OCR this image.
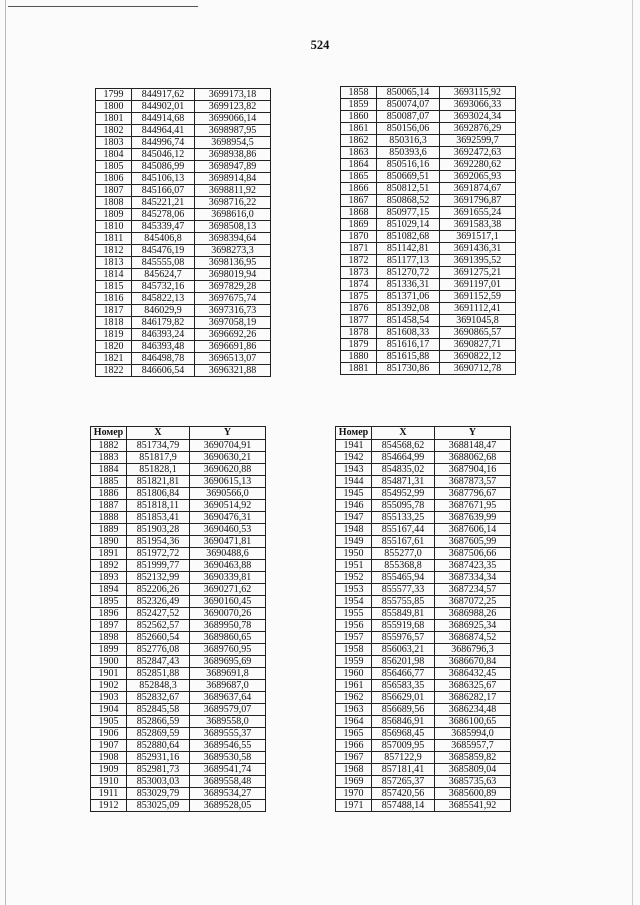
524
1799	844917,62	3699173,18
1800	844902,01	3699123,82
1801	844914,68	3699066,14
1802	844964,41	3698987,95
1803	844996,74	3698954,5
1804	845046,12	3698938,86
1805	845086,99	3698947,89
1806	845106,13	3698914,84
1807	845166,07	3698811,92
1808	845221,21	3698716,22
1809	845278,06	3698616,0
1810	845339,47	3698508,13
1811	845406,8	3698394,64
1812	845476,19	3698273,3
1813	845555,08	3698136,95
1814	845624,7	3698019,94
1815	845732,16	3697829,28
1816	845822,13	3697675,74
1817	846029,9	3697316,73
1818	846179,82	3697058,19
1819	846393,24	3696692,26
1820	846393,48	3696691,86
1821	846498,78	3696513,07
1822	846606,54	3696321,88
1858	850065,14	3693115,92
1859	850074,07	3693066,33
1860	850087,07	3693024,34
1861	850156,06	3692876,29
1862	850316,3	3692599,7
1863	850393,6	3692472,63
1864	850516,16	3692280,62
1865	850669,51	3692065,93
1866	850812,51	3691874,67
1867	850868,52	3691796,87
1868	850977,15	3691655,24
1869	851029,14	3691583,38
1870	851082,68	3691517,1
1871	851142,81	3691436,31
1872	851177,13	3691395,52
1873	851270,72	3691275,21
1874	851336,31	3691197,01
1875	851371,06	3691152,59
1876	851392,08	3691112,41
1877	851458,54	3691045,8
1878	851608,33	3690865,57
1879	851616,17	3690827,71
1880	851615,88	3690822,12
1881	851730,86	3690712,78
Номер	X	Y
1882	851734,79	3690704,91
1883	851817,9	3690630,21
1884	851828,1	3690620,88
1885	851821,81	3690615,13
1886	851806,84	3690566,0
1887	851818,11	3690514,92
1888	851853,41	3690476,31
1889	851903,28	3690460,53
1890	851954,36	3690471,81
1891	851972,72	3690488,6
1892	851999,77	3690463,88
1893	852132,99	3690339,81
1894	852206,26	3690271,62
1895	852326,49	3690160,45
1896	852427,52	3690070,26
1897	852562,57	3689950,78
1898	852660,54	3689860,65
1899	852776,08	3689760,95
1900	852847,43	3689695,69
1901	852851,88	3689691,8
1902	852848,3	3689687,0
1903	852832,67	3689637,64
1904	852845,58	3689579,07
1905	852866,59	3689558,0
1906	852869,59	3689555,37
1907	852880,64	3689546,55
1908	852931,16	3689530,58
1909	852981,73	3689541,74
1910	853003,03	3689558,48
1911	853029,79	3689534,27
1912	853025,09	3689528,05
Номер	X	Y
1941	854568,62	3688148,47
1942	854664,99	3688062,68
1943	854835,02	3687904,16
1944	854871,31	3687873,57
1945	854952,99	3687796,67
1946	855095,78	3687671,95
1947	855133,25	3687639,99
1948	855167,44	3687606,14
1949	855167,61	3687605,99
1950	855277,0	3687506,66
1951	855368,8	3687423,35
1952	855465,94	3687334,34
1953	855577,33	3687234,57
1954	855755,85	3687072,25
1955	855849,81	3686988,26
1956	855919,68	3686925,34
1957	855976,57	3686874,52
1958	856063,21	3686796,3
1959	856201,98	3686670,84
1960	856466,77	3686432,45
1961	856583,35	3686325,67
1962	856629,01	3686282,17
1963	856689,56	3686234,48
1964	856846,91	3686100,65
1965	856968,45	3685994,0
1966	857009,95	3685957,7
1967	857122,9	3685859,82
1968	857181,41	3685809,04
1969	857265,37	3685735,63
1970	857420,56	3685600,89
1971	857488,14	3685541,92
